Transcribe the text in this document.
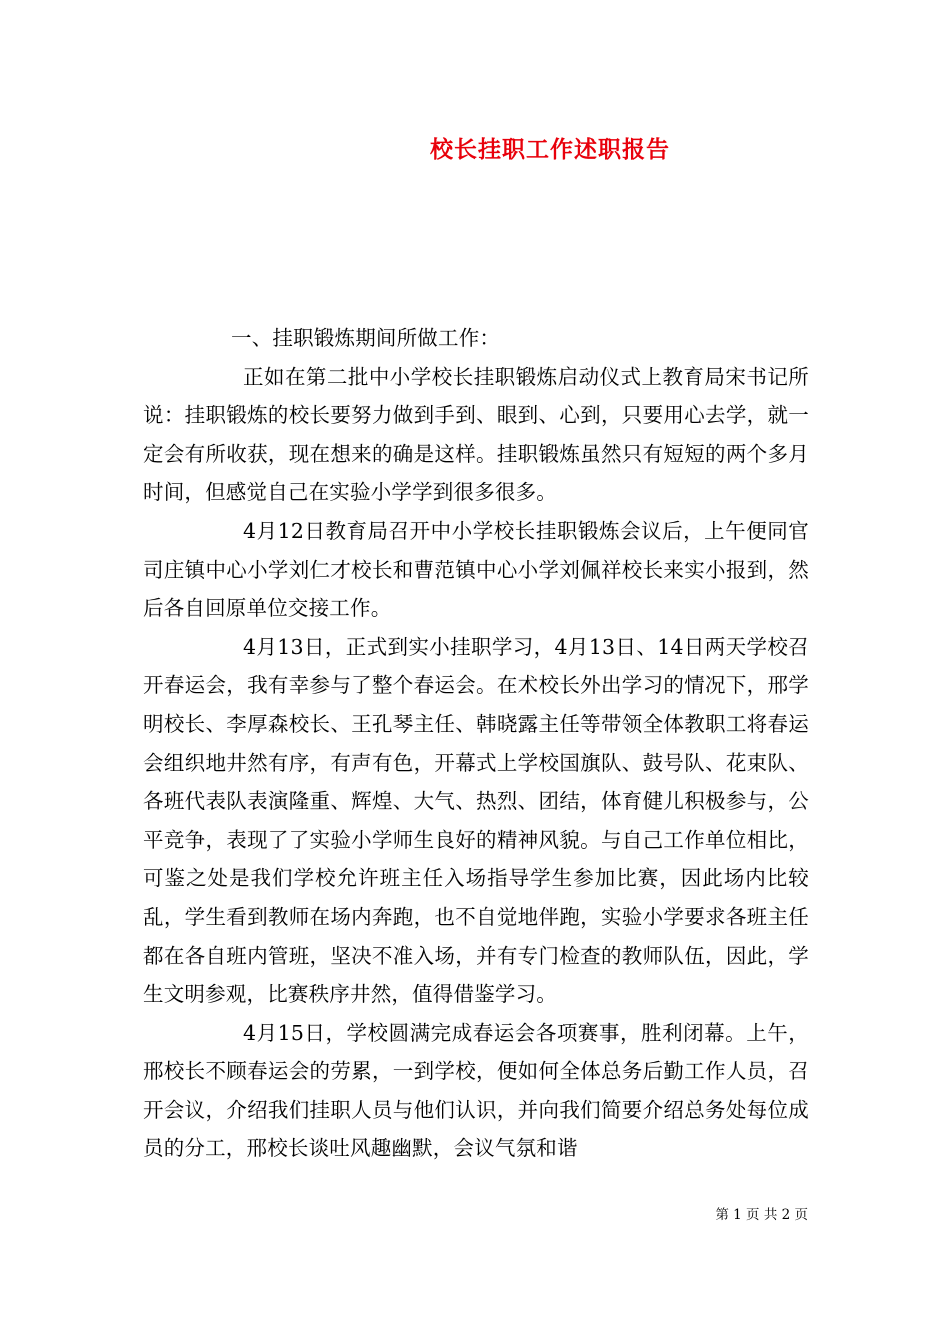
校长挂职工作述职报告

一、挂职锻炼期间所做工作：

正如在第二批中小学校长挂职锻炼启动仪式上教育局宋书记所说：挂职锻炼的校长要努力做到手到、眼到、心到，只要用心去学，就一定会有所收获，现在想来的确是这样。挂职锻炼虽然只有短短的两个多月时间，但感觉自己在实验小学学到很多很多。

4月12日教育局召开中小学校长挂职锻炼会议后，上午便同官司庄镇中心小学刘仁才校长和曹范镇中心小学刘佩祥校长来实小报到，然后各自回原单位交接工作。

4月13日，正式到实小挂职学习，4月13日、14日两天学校召开春运会，我有幸参与了整个春运会。在术校长外出学习的情况下，邢学明校长、李厚森校长、王孔琴主任、韩晓露主任等带领全体教职工将春运会组织地井然有序，有声有色，开幕式上学校国旗队、鼓号队、花束队、各班代表队表演隆重、辉煌、大气、热烈、团结，体育健儿积极参与，公平竞争，表现了了实验小学师生良好的精神风貌。与自己工作单位相比，可鉴之处是我们学校允许班主任入场指导学生参加比赛，因此场内比较乱，学生看到教师在场内奔跑，也不自觉地伴跑，实验小学要求各班主任都在各自班内管班，坚决不准入场，并有专门检查的教师队伍，因此，学生文明参观，比赛秩序井然，值得借鉴学习。

4月15日，学校圆满完成春运会各项赛事，胜利闭幕。上午，邢校长不顾春运会的劳累，一到学校，便如何全体总务后勤工作人员，召开会议，介绍我们挂职人员与他们认识，并向我们简要介绍总务处每位成员的分工，邢校长谈吐风趣幽默，会议气氛和谐

第 1 页 共 2 页
